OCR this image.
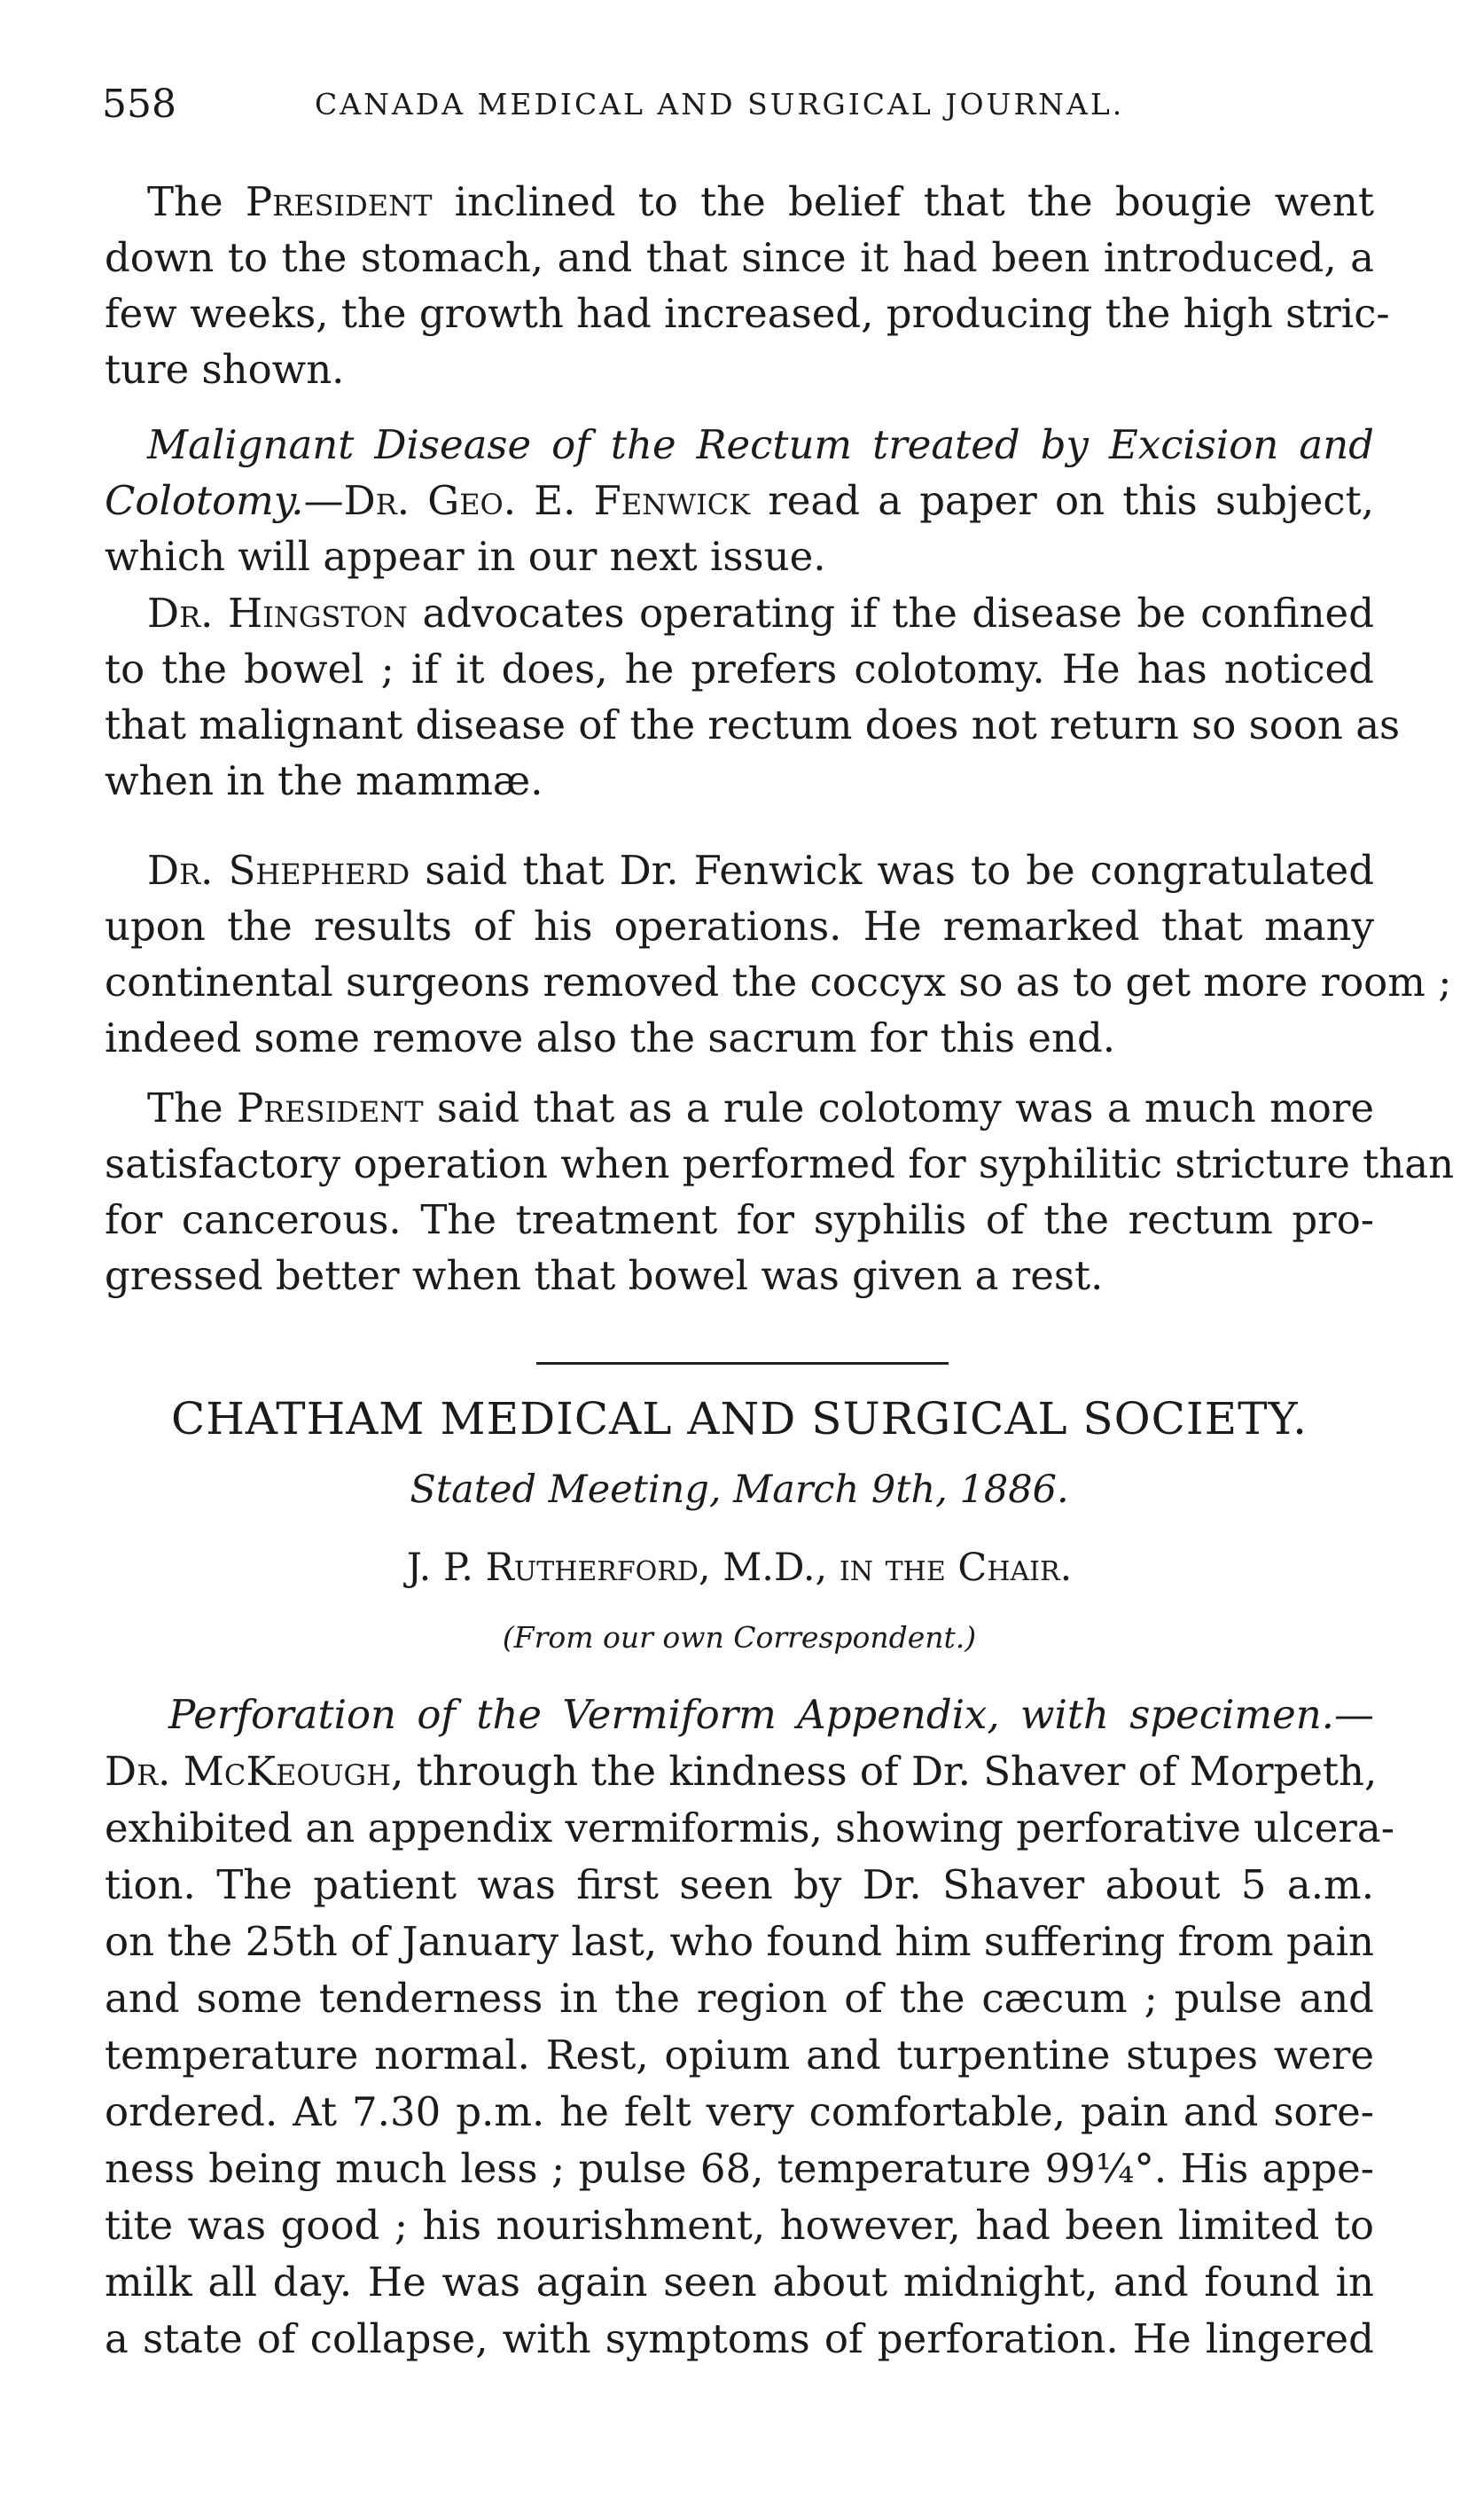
558	CANADA MEDICAL AND SURGICAL JOURNAL.
The President inclined to the belief that the bougie went
down to the stomach, and that since it had been introduced, a
few weeks, the growth had increased, producing the high stric-
ture shown.
Malignant Disease of the Rectum treated by Excision and
Colotomy.—Dr. Geo. E. Fenwick read a paper on this subject,
which will appear in our next issue.
Dr. Hingston advocates operating if the disease be confined
to the bowel ; if it does, he prefers colotomy. He has noticed
that malignant disease of the rectum does not return so soon as
when in the mammæ.
Dr. Shepherd said that Dr. Fenwick was to be congratulated
upon the results of his operations. He remarked that many
continental surgeons removed the coccyx so as to get more room ;
indeed some remove also the sacrum for this end.
The President said that as a rule colotomy was a much more
satisfactory operation when performed for syphilitic stricture than
for cancerous. The treatment for syphilis of the rectum pro-
gressed better when that bowel was given a rest.
CHATHAM MEDICAL AND SURGICAL SOCIETY.
Stated Meeting, March 9th, 1886.
J. P. Rutherford, M.D., in the Chair.
(From our own Correspondent.)
Perforation of the Vermiform Appendix, with specimen.—
Dr. McKeough, through the kindness of Dr. Shaver of Morpeth,
exhibited an appendix vermiformis, showing perforative ulcera-
tion. The patient was first seen by Dr. Shaver about 5 a.m.
on the 25th of January last, who found him suffering from pain
and some tenderness in the region of the cæcum ; pulse and
temperature normal. Rest, opium and turpentine stupes were
ordered. At 7.30 p.m. he felt very comfortable, pain and sore-
ness being much less ; pulse 68, temperature 99¼°. His appe-
tite was good ; his nourishment, however, had been limited to
milk all day. He was again seen about midnight, and found in
a state of collapse, with symptoms of perforation. He lingered
